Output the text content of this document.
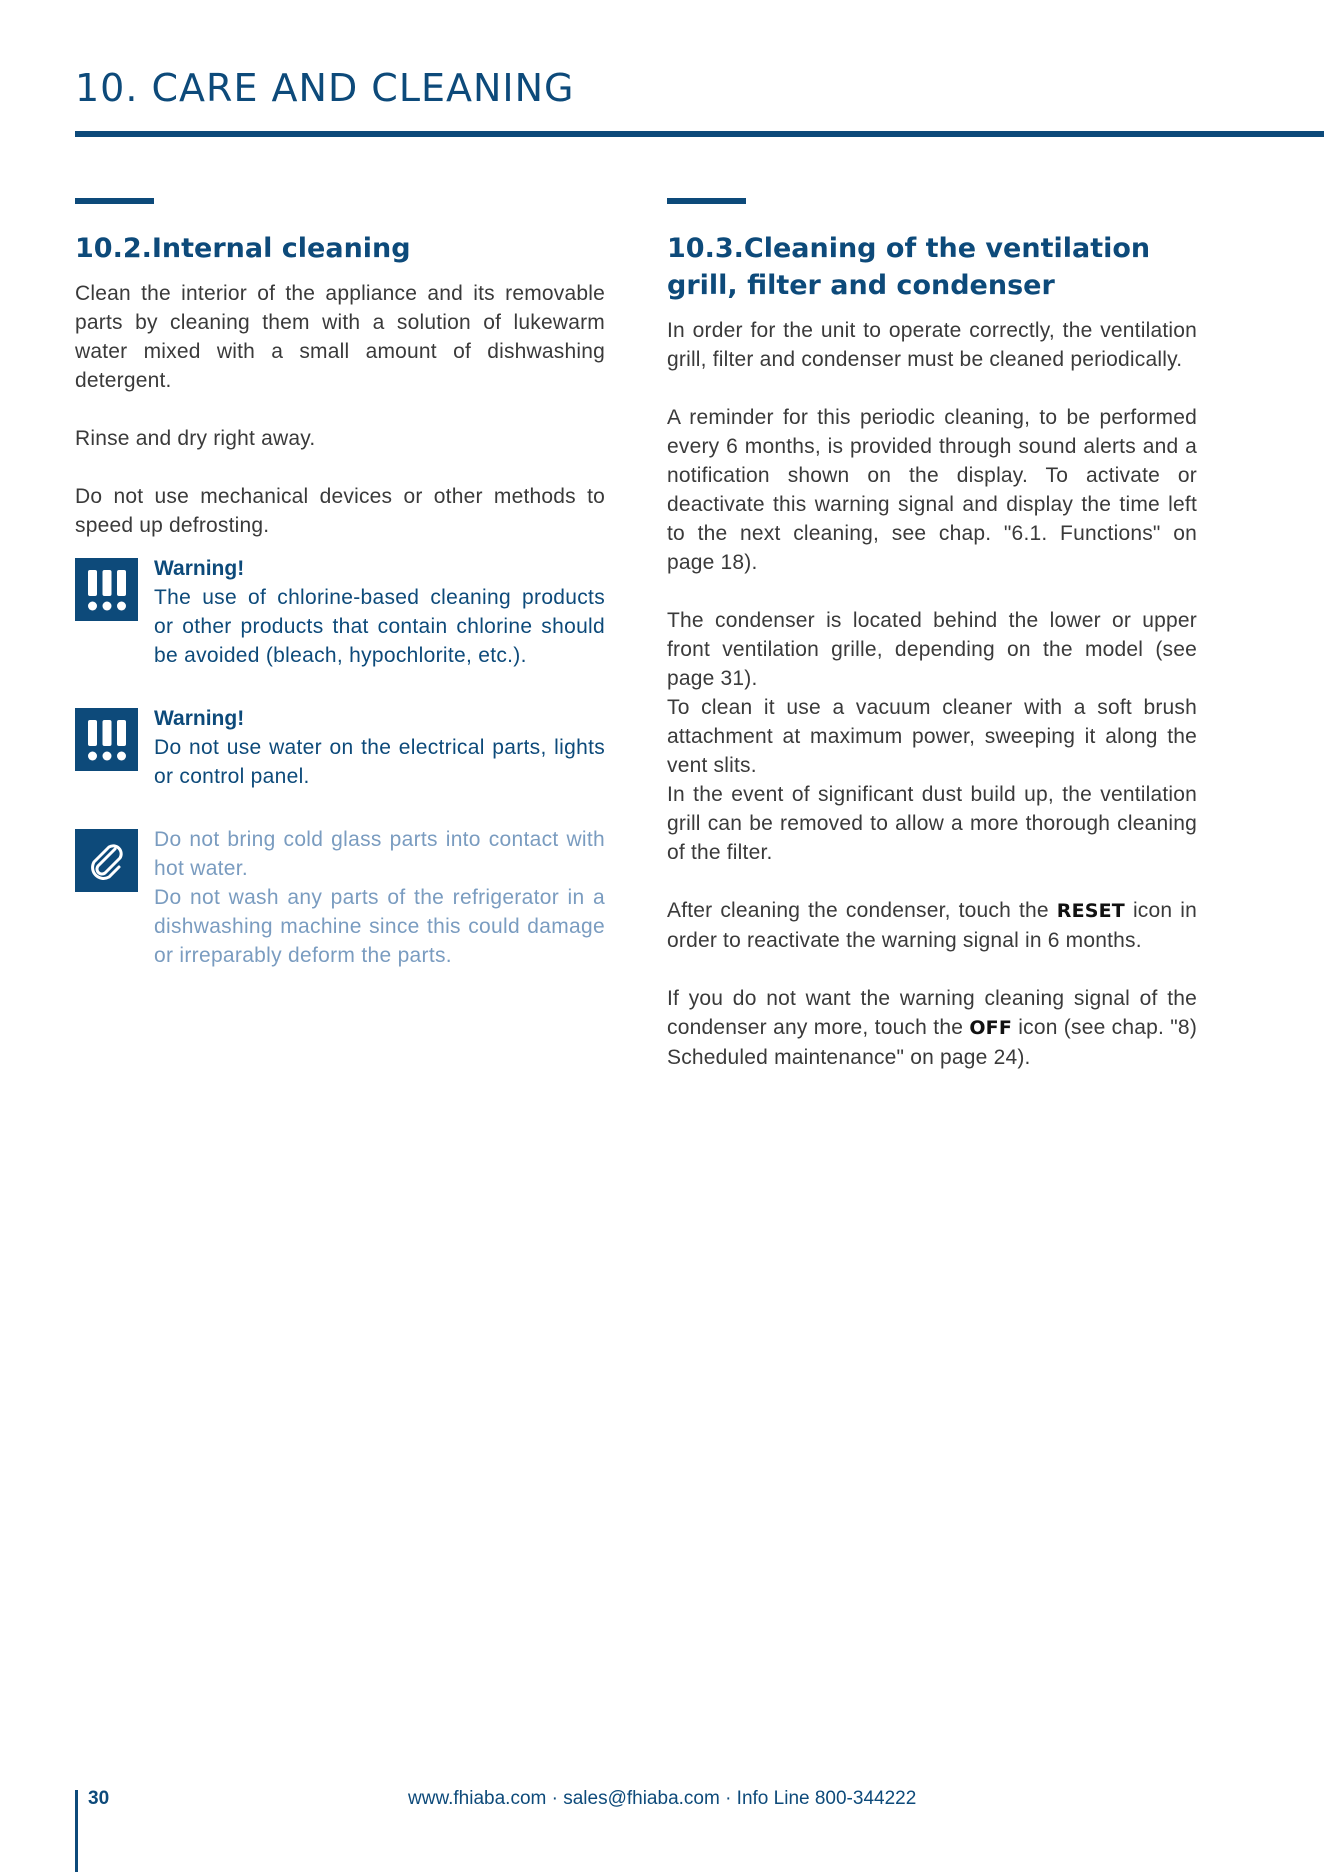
10. CARE AND CLEANING
10.2.Internal cleaning

Clean the interior of the appliance and its removable parts by cleaning them with a solution of lukewarm water mixed with a small amount of dishwashing detergent.

Rinse and dry right away.

Do not use mechanical devices or other methods to speed up defrosting.

Warning!

The use of chlorine-based cleaning products or other products that contain chlorine should be avoided (bleach, hypochlorite, etc.).

Warning!

Do not use water on the electrical parts, lights or control panel.

Do not bring cold glass parts into contact with hot water.

Do not wash any parts of the refrigerator in a dishwashing machine since this could damage or irreparably deform the parts.

10.3.Cleaning of the ventilation grill, filter and condenser

In order for the unit to operate correctly, the ventilation grill, filter and condenser must be cleaned periodically.

A reminder for this periodic cleaning, to be performed every 6 months, is provided through sound alerts and a notification shown on the display. To activate or deactivate this warning signal and display the time left to the next cleaning, see chap. "6.1. Functions" on page 18).

The condenser is located behind the lower or upper front ventilation grille, depending on the model (see page 31).

To clean it use a vacuum cleaner with a soft brush attachment at maximum power, sweeping it along the vent slits.

In the event of significant dust build up, the ventilation grill can be removed to allow a more thorough cleaning of the filter.

After cleaning the condenser, touch the RESET icon in order to reactivate the warning signal in 6 months.

If you do not want the warning cleaning signal of the condenser any more, touch the OFF icon (see chap. "8) Scheduled maintenance" on page 24).

30	www.fhiaba.com · sales@fhiaba.com · Info Line 800-344222
